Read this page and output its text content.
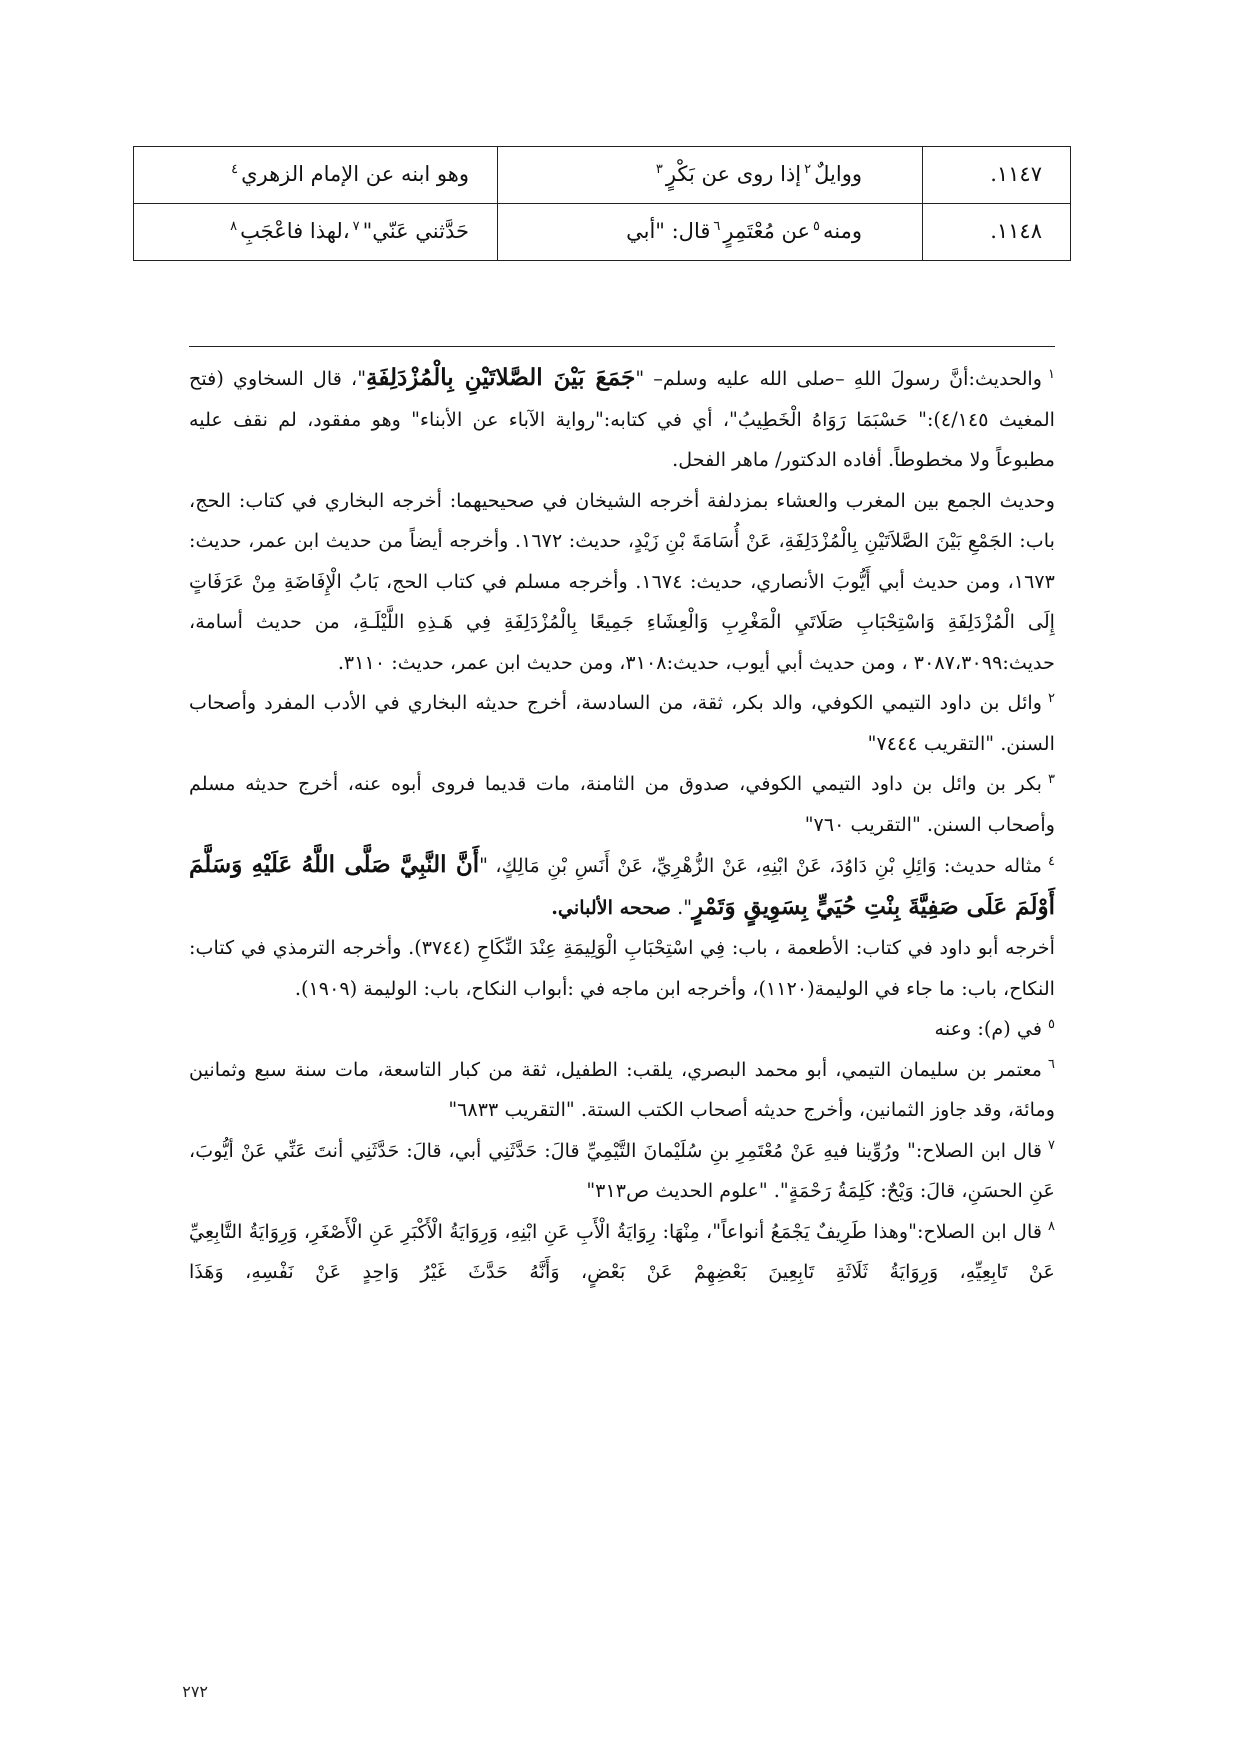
١١٤٧.	ووايلٌ$^٢$إذا روى عن بَكْرٍ$^٣$	وهو ابنه عن الإمام الزهري$^٤$
١١٤٨.	ومنه$^٥$عن مُعْتَمِرٍ$^٦$قال: "أبي	حَدَّثني عَنّي"$^٧$،لهذا فاعْجَبِ$^٨$

$^١$والحديث:أنَّ رسولَ اللهِ –صلى الله عليه وسلم– "جَمَعَ بَيْنَ الصَّلاتَيْنِ بِالْمُزْدَلِفَةِ"، قال السخاوي (فتح المغيث ٤/١٤٥):" حَسْبَمَا رَوَاهُ الْخَطِيبُ"، أي في كتابه:"رواية الآباء عن الأبناء" وهو مفقود، لم نقف عليه مطبوعاً ولا مخطوطاً. أفاده الدكتور/ ماهر الفحل.

وحديث الجمع بين المغرب والعشاء بمزدلفة أخرجه الشيخان في صحيحيهما: أخرجه البخاري في كتاب: الحج، باب: الجَمْعِ بَيْنَ الصَّلاَتَيْنِ بِالْمُزْدَلِفَةِ، عَنْ أُسَامَةَ بْنِ زَيْدٍ، حديث: ١٦٧٢. وأخرجه أيضاً من حديث ابن عمر، حديث: ١٦٧٣، ومن حديث أبي أَيُّوبَ الأنصاري، حديث: ١٦٧٤. وأخرجه مسلم في كتاب الحج، بَابُ الْإِفَاضَةِ مِنْ عَرَفَاتٍ إِلَى الْمُزْدَلِفَةِ وَاسْتِحْبَابِ صَلَاتَيِ الْمَغْرِبِ وَالْعِشَاءِ جَمِيعًا بِالْمُزْدَلِفَةِ فِي هَـذِهِ اللَّيْلَـةِ، من حديث أسامة، حديث:٣٠٨٧،٣٠٩٩ ، ومن حديث أبي أيوب، حديث:٣١٠٨، ومن حديث ابن عمر، حديث: ٣١١٠.

$^٢$وائل بن داود التيمي الكوفي، والد بكر، ثقة، من السادسة، أخرج حديثه البخاري في الأدب المفرد وأصحاب السنن. "التقريب ٧٤٤٤"

$^٣$بكر بن وائل بن داود التيمي الكوفي، صدوق من الثامنة، مات قديما فروى أبوه عنه، أخرج حديثه مسلم وأصحاب السنن. "التقريب ٧٦٠"

$^٤$مثاله حديث: وَائِلِ بْنِ دَاوُدَ، عَنْ ابْنِهِ، عَنْ الزُّهْرِيِّ، عَنْ أَنَسِ بْنِ مَالِكٍ، "أَنَّ النَّبِيَّ صَلَّى اللَّهُ عَلَيْهِ وَسَلَّمَ أَوْلَمَ عَلَى صَفِيَّةَ بِنْتِ حُيَيٍّ بِسَوِيقٍ وَتَمْرٍ". صححه الألباني.

أخرجه أبو داود في كتاب: الأطعمة ، باب: فِي اسْتِحْبَابِ الْوَلِيمَةِ عِنْدَ النِّكَاحِ (٣٧٤٤). وأخرجه الترمذي في كتاب: النكاح، باب: ما جاء في الوليمة(١١٢٠)، وأخرجه ابن ماجه في :أبواب النكاح، باب: الوليمة (١٩٠٩).

$^٥$في (م): وعنه

$^٦$معتمر بن سليمان التيمي، أبو محمد البصري، يلقب: الطفيل، ثقة من كبار التاسعة، مات سنة سبع وثمانين ومائة، وقد جاوز الثمانين، وأخرج حديثه أصحاب الكتب الستة. "التقريب ٦٨٣٣"

$^٧$قال ابن الصلاح:" ورُوِّينا فيهِ عَنْ مُعْتَمِرِ بنِ سُلَيْمانَ التَّيْمِيِّ قالَ: حَدَّثَنِي أبي، قالَ: حَدَّثَنِي أنتَ عَنِّي عَنْ أيُّوبَ، عَنِ الحسَنِ، قالَ: وَيْحٌ: كَلِمَةُ رَحْمَةٍ". "علوم الحديث ص٣١٣"

$^٨$قال ابن الصلاح:"وهذا طَرِيفٌ يَجْمَعُ أنواعاً"، مِنْهَا: رِوَايَةُ الْأَبِ عَنِ ابْنِهِ، وَرِوَايَةُ الْأَكْبَرِ عَنِ الْأَصْغَرِ، وَرِوَايَةُ التَّابِعِيِّ عَنْ تَابِعِيِّهِ، وَرِوَايَةُ ثَلَاثَةِ تَابِعِينَ بَعْضِهِمْ عَنْ بَعْضٍ، وَأَنَّهُ حَدَّثَ غَيْرُ وَاحِدٍ عَنْ نَفْسِهِ، وَهَذَا

٢٧٢
